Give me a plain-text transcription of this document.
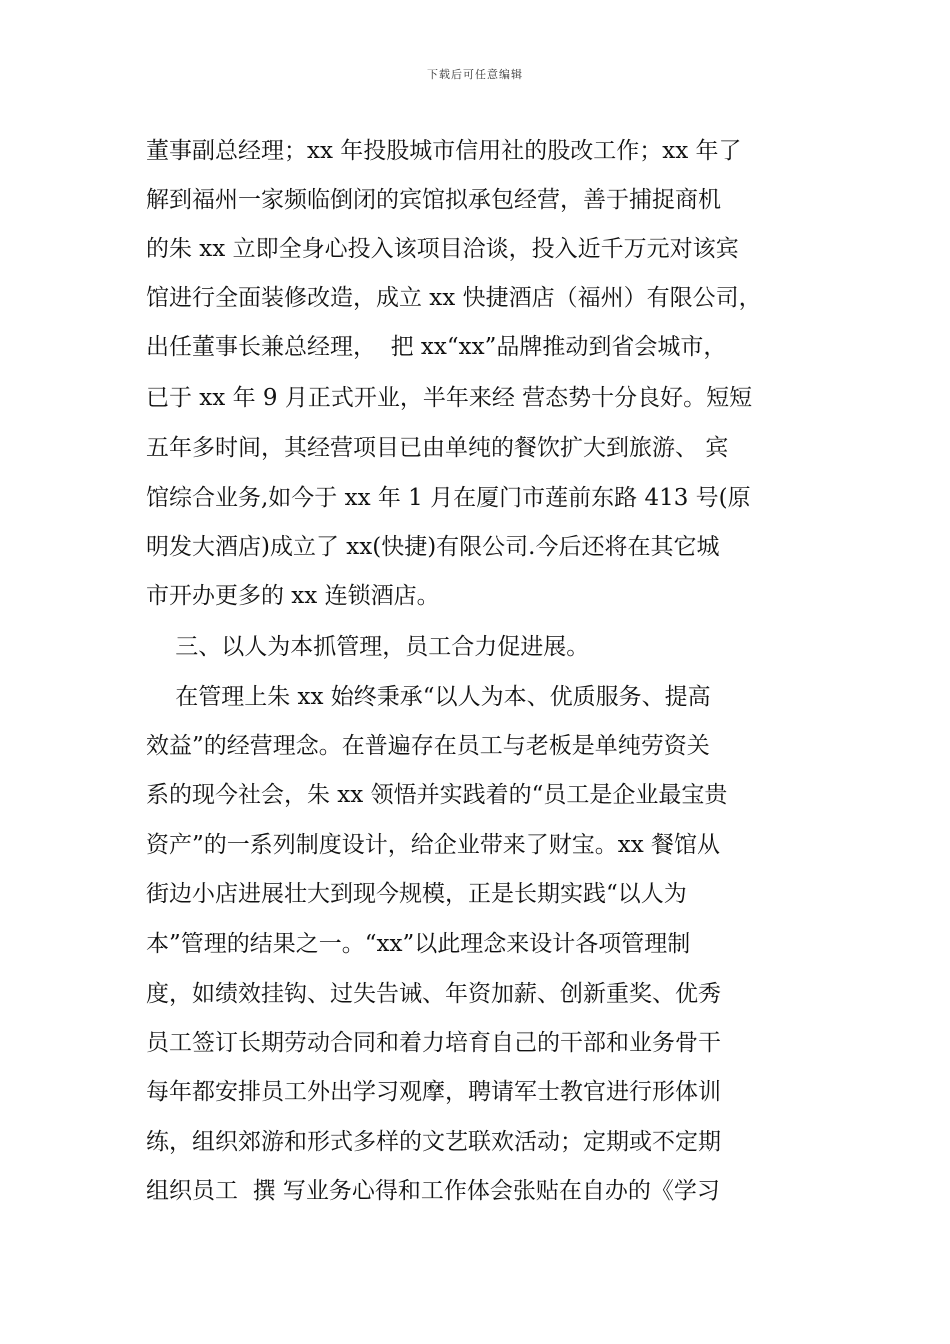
下载后可任意编辑
董事副总经理；xx 年投股城市信用社的股改工作；xx 年了
解到福州一家频临倒闭的宾馆拟承包经营，善于捕捉商机
的朱 xx 立即全身心投入该项目洽谈，投入近千万元对该宾
馆进行全面装修改造，成立 xx 快捷酒店（福州）有限公司，
出任董事长兼总经理，  把 xx“xx”品牌推动到省会城市，
已于 xx 年 9 月正式开业，半年来经 营态势十分良好。短短
五年多时间，其经营项目已由单纯的餐饮扩大到旅游、 宾
馆综合业务,如今于 xx 年 1 月在厦门市莲前东路 413 号(原
明发大酒店)成立了 xx(快捷)有限公司.今后还将在其它城
市开办更多的 xx 连锁酒店。
三、以人为本抓管理，员工合力促进展。
在管理上朱 xx 始终秉承“以人为本、优质服务、提高
效益”的经营理念。在普遍存在员工与老板是单纯劳资关
系的现今社会，朱 xx 领悟并实践着的“员工是企业最宝贵
资产”的一系列制度设计，给企业带来了财宝。xx 餐馆从
街边小店进展壮大到现今规模，正是长期实践“以人为
本”管理的结果之一。“xx”以此理念来设计各项管理制
度，如绩效挂钩、过失告诫、年资加薪、创新重奖、优秀
员工签订长期劳动合同和着力培育自己的干部和业务骨干
每年都安排员工外出学习观摩，聘请军士教官进行形体训
练，组织郊游和形式多样的文艺联欢活动；定期或不定期
组织员工  撰 写业务心得和工作体会张贴在自办的《学习
